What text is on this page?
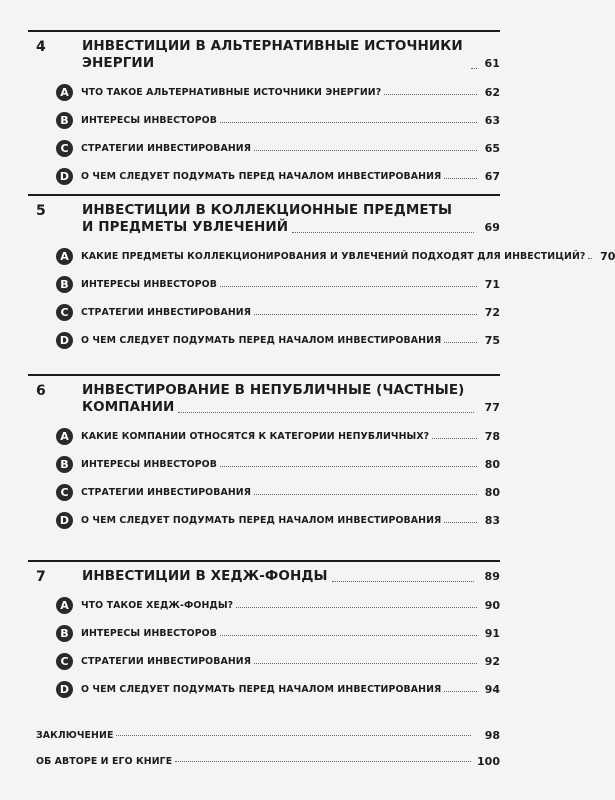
4	ИНВЕСТИЦИИ В АЛЬТЕРНАТИВНЫЕ ИСТОЧНИКИ ЭНЕРГИИ	61
A	ЧТО ТАКОЕ АЛЬТЕРНАТИВНЫЕ ИСТОЧНИКИ ЭНЕРГИИ?	62
B	ИНТЕРЕСЫ ИНВЕСТОРОВ	63
C	СТРАТЕГИИ ИНВЕСТИРОВАНИЯ	65
D	О ЧЕМ СЛЕДУЕТ ПОДУМАТЬ ПЕРЕД НАЧАЛОМ ИНВЕСТИРОВАНИЯ	67
5	ИНВЕСТИЦИИ В КОЛЛЕКЦИОННЫЕ ПРЕДМЕТЫ
И ПРЕДМЕТЫ УВЛЕЧЕНИЙ	69
A	КАКИЕ ПРЕДМЕТЫ КОЛЛЕКЦИОНИРОВАНИЯ И УВЛЕЧЕНИЙ ПОДХОДЯТ ДЛЯ ИНВЕСТИЦИЙ?	70
B	ИНТЕРЕСЫ ИНВЕСТОРОВ	71
C	СТРАТЕГИИ ИНВЕСТИРОВАНИЯ	72
D	О ЧЕМ СЛЕДУЕТ ПОДУМАТЬ ПЕРЕД НАЧАЛОМ ИНВЕСТИРОВАНИЯ	75
6	ИНВЕСТИРОВАНИЕ В НЕПУБЛИЧНЫЕ (ЧАСТНЫЕ)
КОМПАНИИ	77
A	КАКИЕ КОМПАНИИ ОТНОСЯТСЯ К КАТЕГОРИИ НЕПУБЛИЧНЫХ?	78
B	ИНТЕРЕСЫ ИНВЕСТОРОВ	80
C	СТРАТЕГИИ ИНВЕСТИРОВАНИЯ	80
D	О ЧЕМ СЛЕДУЕТ ПОДУМАТЬ ПЕРЕД НАЧАЛОМ ИНВЕСТИРОВАНИЯ	83
7	ИНВЕСТИЦИИ В ХЕДЖ-ФОНДЫ	89
A	ЧТО ТАКОЕ ХЕДЖ-ФОНДЫ?	90
B	ИНТЕРЕСЫ ИНВЕСТОРОВ	91
C	СТРАТЕГИИ ИНВЕСТИРОВАНИЯ	92
D	О ЧЕМ СЛЕДУЕТ ПОДУМАТЬ ПЕРЕД НАЧАЛОМ ИНВЕСТИРОВАНИЯ	94
ЗАКЛЮЧЕНИЕ	98
ОБ АВТОРЕ И ЕГО КНИГЕ	100
